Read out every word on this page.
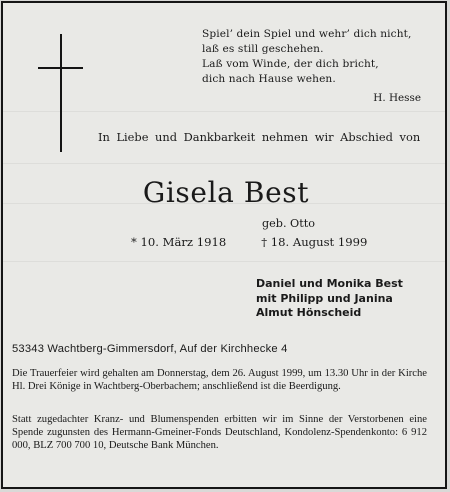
Spiel’ dein Spiel und wehr’ dich nicht,
laß es still geschehen.
Laß vom Winde, der dich bricht,
dich nach Hause wehen.
H. Hesse
In Liebe und Dankbarkeit nehmen wir Abschied von
Gisela Best
geb. Otto
* 10. März 1918	† 18. August 1999
Daniel und Monika Best
mit Philipp und Janina
Almut Hönscheid
53343 Wachtberg-Gimmersdorf, Auf der Kirchhecke 4
Die Trauerfeier wird gehalten am Donnerstag, dem 26. August 1999, um 13.30 Uhr in der Kirche Hl. Drei Könige in Wachtberg-Oberbachem; anschließend ist die Beerdigung.
Statt zugedachter Kranz- und Blumenspenden erbitten wir im Sinne der Verstorbenen eine Spende zugunsten des Hermann-Gmeiner-Fonds Deutschland, Kondolenz-Spendenkonto: 6 912 000, BLZ 700 700 10, Deutsche Bank München.
